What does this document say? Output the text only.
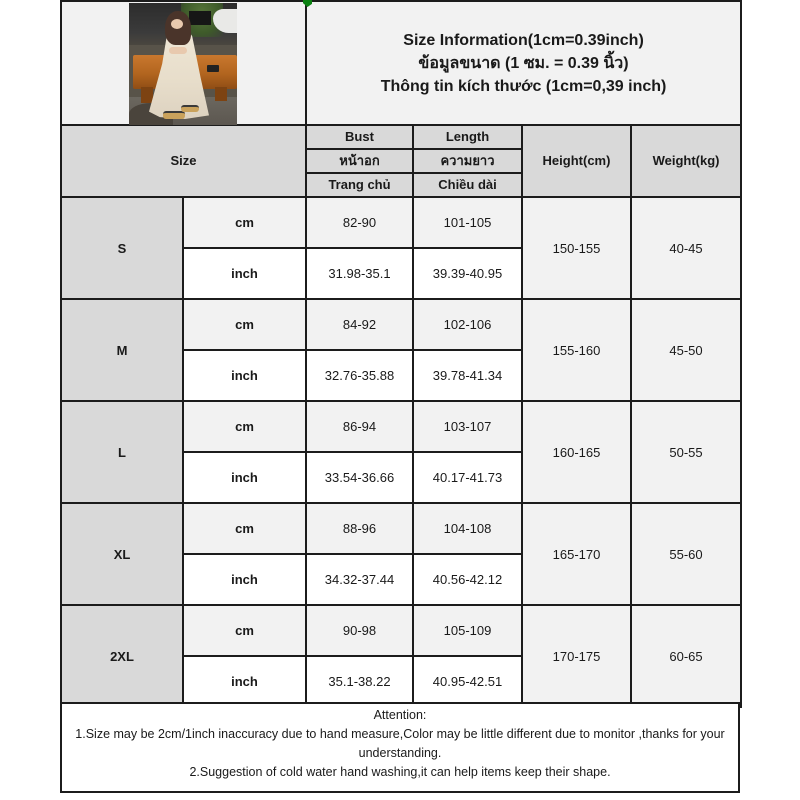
		Size Information(1cm=0.39inch)
ข้อมูลขนาด (1 ซม. = 0.39 นิ้ว)
Thông tin kích thước (1cm=0,39 inch)			

Size		Bust	Length	Height(cm)	Weight(kg)
		หน้าอก	ความยาว		
		Trang chủ	Chiều dài		
S	cm	82-90	101-105	150-155	40-45
	inch	31.98-35.1	39.39-40.95		
M	cm	84-92	102-106	155-160	45-50
	inch	32.76-35.88	39.78-41.34		
L	cm	86-94	103-107	160-165	50-55
	inch	33.54-36.66	40.17-41.73		
XL	cm	88-96	104-108	165-170	55-60
	inch	34.32-37.44	40.56-42.12		
2XL	cm	90-98	105-109	170-175	60-65
	inch	35.1-38.22	40.95-42.51		
Attention:
1.Size may be 2cm/1inch inaccuracy due to hand measure,Color may be little different due to monitor ,thanks for your understanding.
2.Suggestion of cold water hand washing,it can help items keep their shape.
